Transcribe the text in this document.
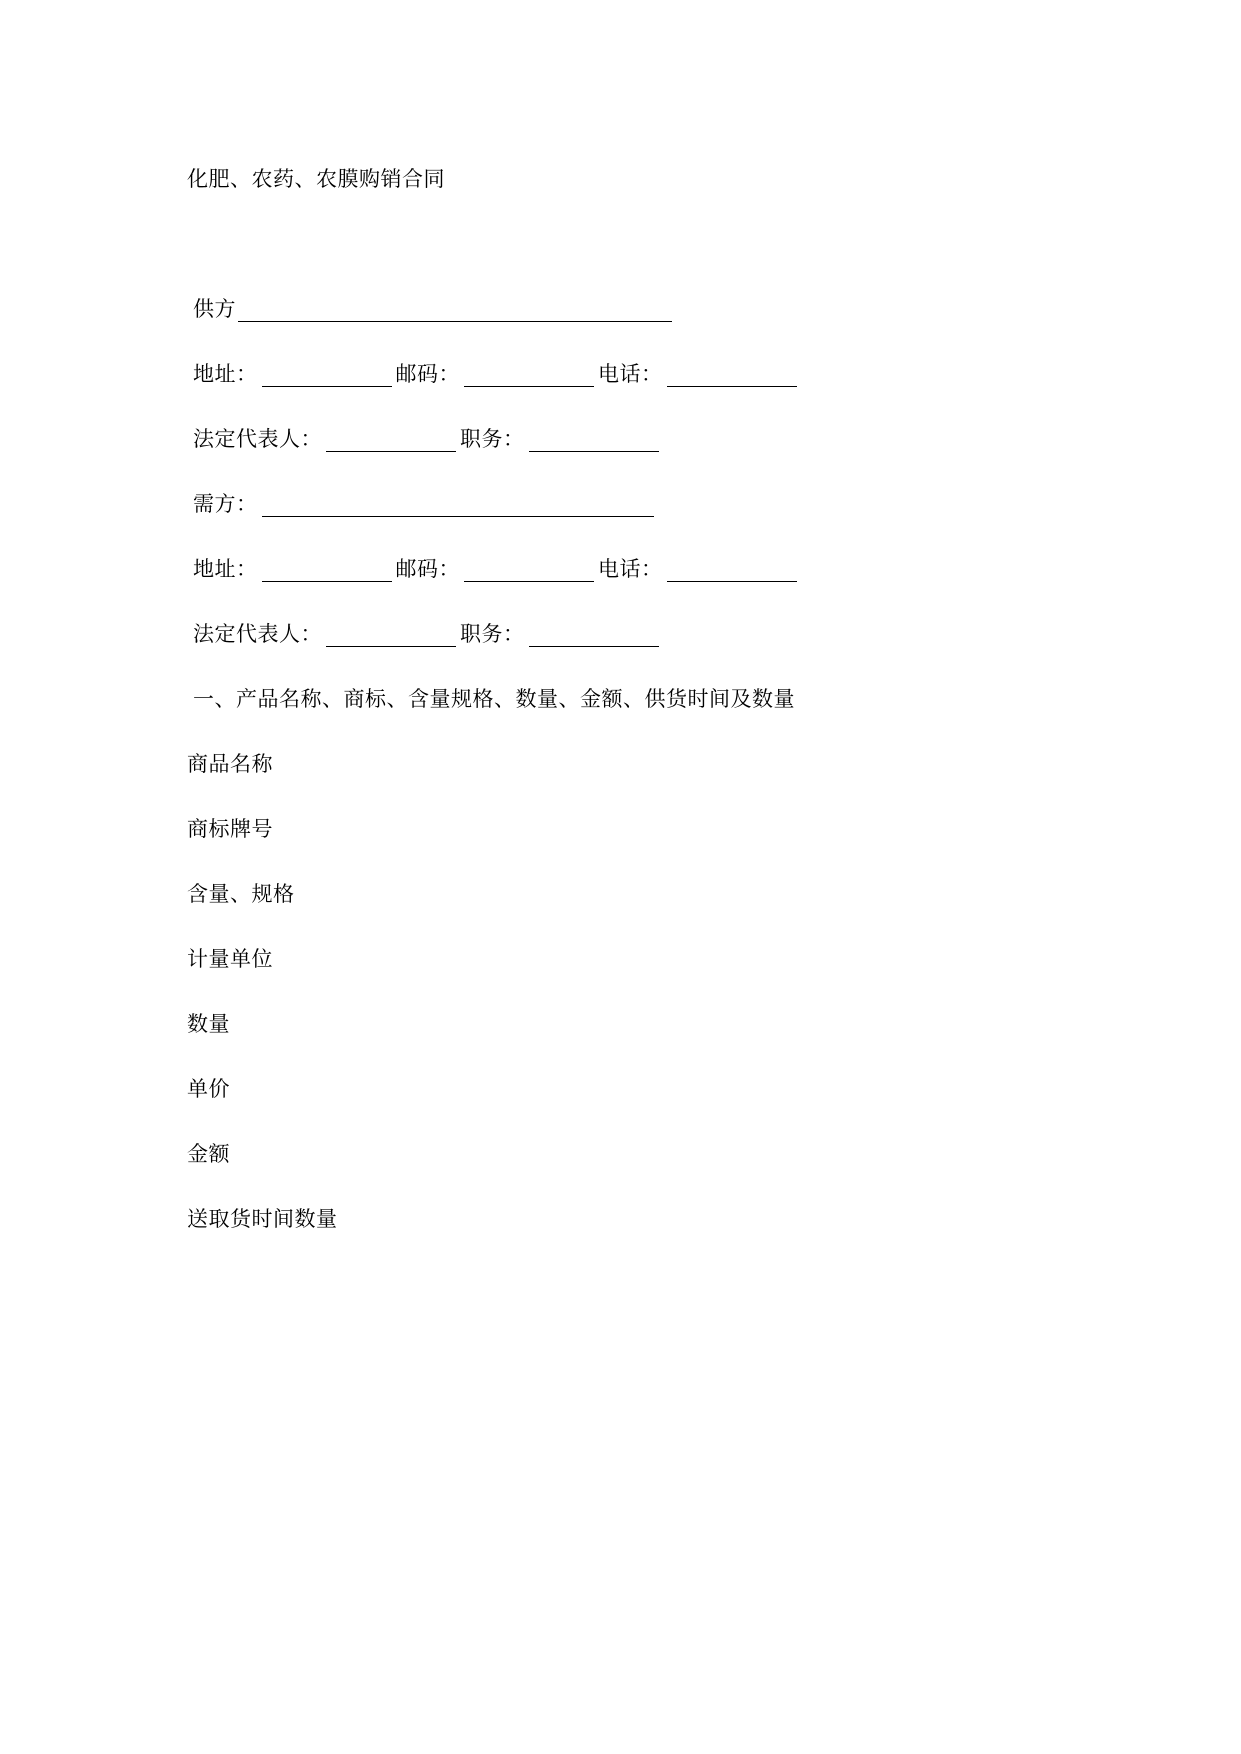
化肥、农药、农膜购销合同
供方
地址：	邮码：	电话：
法定代表人：	职务：
需方：
地址：	邮码：	电话：
法定代表人：	职务：
一、产品名称、商标、含量规格、数量、金额、供货时间及数量
商品名称
商标牌号
含量、规格
计量单位
数量
单价
金额
送取货时间数量
